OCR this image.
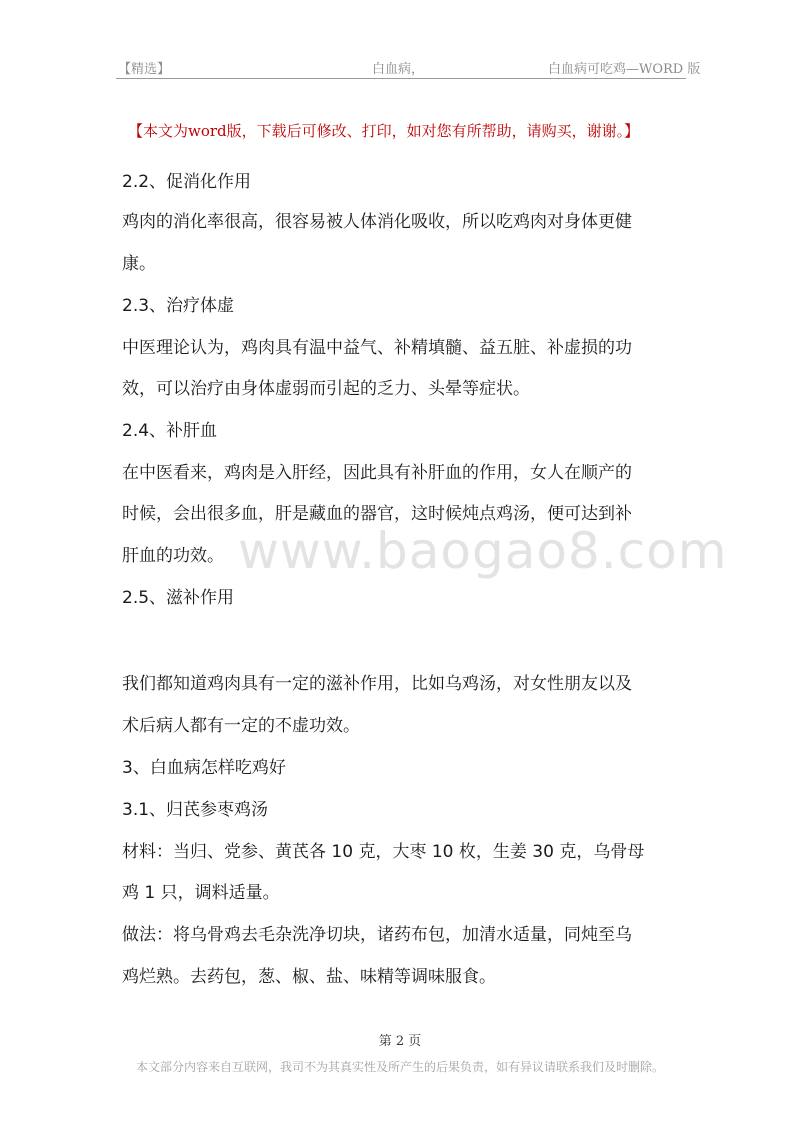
【精选】	白血病，	白血病可吃鸡—WORD 版
【本文为word版，下载后可修改、打印，如对您有所帮助，请购买，谢谢。】
www.baogao8.com
2.2、促消化作用
鸡肉的消化率很高，很容易被人体消化吸收，所以吃鸡肉对身体更健
康。
2.3、治疗体虚
中医理论认为，鸡肉具有温中益气、补精填髓、益五脏、补虚损的功
效，可以治疗由身体虚弱而引起的乏力、头晕等症状。
2.4、补肝血
在中医看来，鸡肉是入肝经，因此具有补肝血的作用，女人在顺产的
时候，会出很多血，肝是藏血的器官，这时候炖点鸡汤，便可达到补
肝血的功效。
2.5、滋补作用
我们都知道鸡肉具有一定的滋补作用，比如乌鸡汤，对女性朋友以及
术后病人都有一定的不虚功效。
3、白血病怎样吃鸡好
3.1、归芪参枣鸡汤
材料：当归、党参、黄芪各 10 克，大枣 10 枚，生姜 30 克，乌骨母
鸡 1 只，调料适量。
做法：将乌骨鸡去毛杂洗净切块，诸药布包，加清水适量，同炖至乌
鸡烂熟。去药包，葱、椒、盐、味精等调味服食。
第 2 页
本文部分内容来自互联网，我司不为其真实性及所产生的后果负责，如有异议请联系我们及时删除。
